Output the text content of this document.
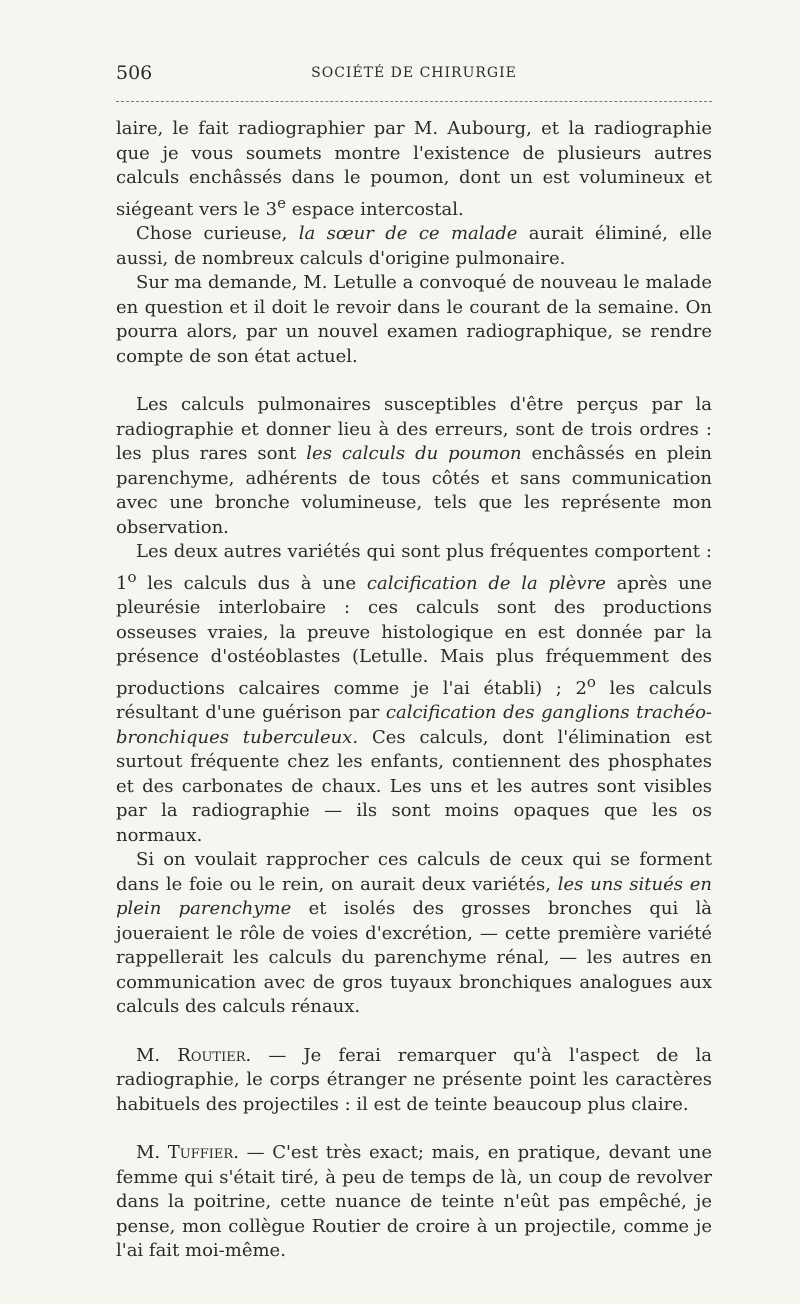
506	SOCIÉTÉ DE CHIRURGIE

laire, le fait radiographier par M. Aubourg, et la radiographie que je vous soumets montre l'existence de plusieurs autres calculs enchâssés dans le poumon, dont un est volumineux et siégeant vers le 3e espace intercostal.

Chose curieuse, la sœur de ce malade aurait éliminé, elle aussi, de nombreux calculs d'origine pulmonaire.

Sur ma demande, M. Letulle a convoqué de nouveau le malade en question et il doit le revoir dans le courant de la semaine. On pourra alors, par un nouvel examen radiographique, se rendre compte de son état actuel.

Les calculs pulmonaires susceptibles d'être perçus par la radiographie et donner lieu à des erreurs, sont de trois ordres : les plus rares sont les calculs du poumon enchâssés en plein parenchyme, adhérents de tous côtés et sans communication avec une bronche volumineuse, tels que les représente mon observation.

Les deux autres variétés qui sont plus fréquentes comportent : 1$^o$ les calculs dus à une calcification de la plèvre après une pleurésie interlobaire : ces calculs sont des productions osseuses vraies, la preuve histologique en est donnée par la présence d'ostéoblastes (Letulle. Mais plus fréquemment des productions calcaires comme je l'ai établi) ; 2$^o$ les calculs résultant d'une guérison par calcification des ganglions trachéo-bronchiques tuberculeux. Ces calculs, dont l'élimination est surtout fréquente chez les enfants, contiennent des phosphates et des carbonates de chaux. Les uns et les autres sont visibles par la radiographie — ils sont moins opaques que les os normaux.

Si on voulait rapprocher ces calculs de ceux qui se forment dans le foie ou le rein, on aurait deux variétés, les uns situés en plein parenchyme et isolés des grosses bronches qui là joueraient le rôle de voies d'excrétion, — cette première variété rappellerait les calculs du parenchyme rénal, — les autres en communication avec de gros tuyaux bronchiques analogues aux calculs des calculs rénaux.

M. Routier. — Je ferai remarquer qu'à l'aspect de la radiographie, le corps étranger ne présente point les caractères habituels des projectiles : il est de teinte beaucoup plus claire.

M. Tuffier. — C'est très exact; mais, en pratique, devant une femme qui s'était tiré, à peu de temps de là, un coup de revolver dans la poitrine, cette nuance de teinte n'eût pas empêché, je pense, mon collègue Routier de croire à un projectile, comme je l'ai fait moi-même.
